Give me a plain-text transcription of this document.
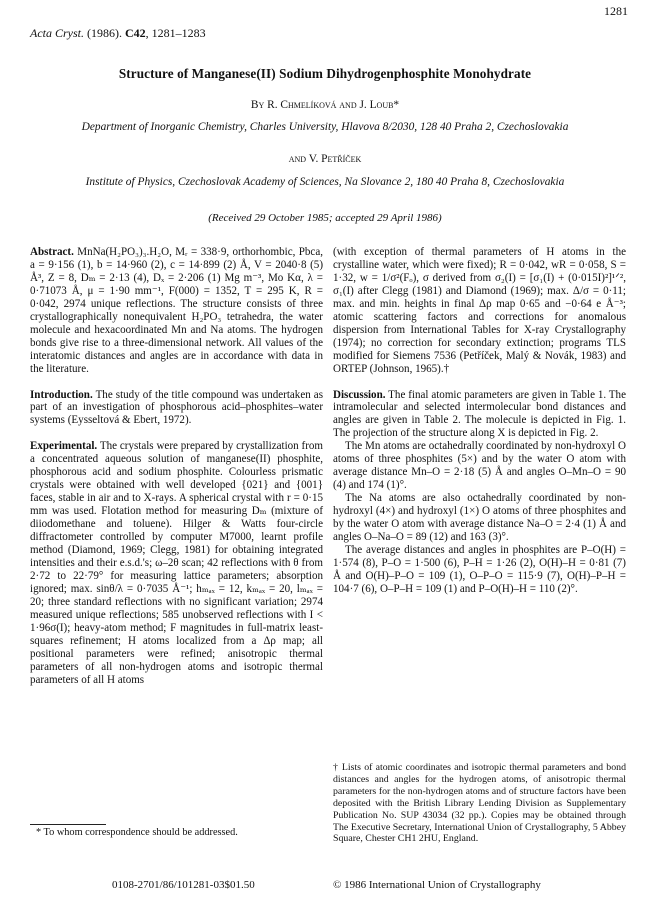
1281
Acta Cryst. (1986). C42, 1281–1283
Structure of Manganese(II) Sodium Dihydrogenphosphite Monohydrate
By R. Chmelíková and J. Loub*
Department of Inorganic Chemistry, Charles University, Hlavova 8/2030, 128 40 Praha 2, Czechoslovakia
and V. Petříček
Institute of Physics, Czechoslovak Academy of Sciences, Na Slovance 2, 180 40 Praha 8, Czechoslovakia
(Received 29 October 1985; accepted 29 April 1986)

Abstract. MnNa(H₂PO₃)₃.H₂O, Mᵣ = 338·9, orthorhombic, Pbca, a = 9·156 (1), b = 14·960 (2), c = 14·899 (2) Å, V = 2040·8 (5) Å³, Z = 8, Dₘ = 2·13 (4), Dₓ = 2·206 (1) Mg m⁻³, Mo Kα, λ = 0·71073 Å, μ = 1·90 mm⁻¹, F(000) = 1352, T = 295 K, R = 0·042, 2974 unique reflections. The structure consists of three crystallographically nonequivalent H₂PO₃ tetrahedra, the water molecule and hexacoordinated Mn and Na atoms. The hydrogen bonds give rise to a three-dimensional network. All values of the interatomic distances and angles are in accordance with data in the literature.

Introduction. The study of the title compound was undertaken as part of an investigation of phosphorous acid–phosphites–water systems (Eysseltová & Ebert, 1972).

Experimental. The crystals were prepared by crystallization from a concentrated aqueous solution of manganese(II) phosphite, phosphorous acid and sodium phosphite. Colourless prismatic crystals were obtained with well developed {021} and {001} faces, stable in air and to X-rays. A spherical crystal with r = 0·15 mm was used. Flotation method for measuring Dₘ (mixture of diiodomethane and toluene). Hilger & Watts four-circle diffractometer controlled by computer M7000, learnt profile method (Diamond, 1969; Clegg, 1981) for obtaining integrated intensities and their e.s.d.'s; ω–2θ scan; 42 reflections with θ from 2·72 to 22·79° for measuring lattice parameters; absorption ignored; max. sinθ/λ = 0·7035 Å⁻¹; hₘₐₓ = 12, kₘₐₓ = 20, lₘₐₓ = 20; three standard reflections with no significant variation; 2974 measured unique reflections; 585 unobserved reflections with I < 1·96σ(I); heavy-atom method; F magnitudes in full-matrix least-squares refinement; H atoms localized from a Δρ map; all positional parameters were refined; anisotropic thermal parameters of all non-hydrogen atoms and isotropic thermal parameters of all H atoms

(with exception of thermal parameters of H atoms in the crystalline water, which were fixed); R = 0·042, wR = 0·058, S = 1·32, w = 1/σ²(Fₒ), σ derived from σ₂(I) = [σ₁(I) + (0·015I)²]¹ᐟ², σ₁(I) after Clegg (1981) and Diamond (1969); max. Δ/σ = 0·11; max. and min. heights in final Δρ map 0·65 and −0·64 e Å⁻³; atomic scattering factors and corrections for anomalous dispersion from International Tables for X-ray Crystallography (1974); no correction for secondary extinction; programs TLS modified for Siemens 7536 (Petříček, Malý & Novák, 1983) and ORTEP (Johnson, 1965).†

Discussion. The final atomic parameters are given in Table 1. The intramolecular and selected intermolecular bond distances and angles are given in Table 2. The molecule is depicted in Fig. 1. The projection of the structure along X is depicted in Fig. 2.

The Mn atoms are octahedrally coordinated by non-hydroxyl O atoms of three phosphites (5×) and by the water O atom with average distance Mn–O = 2·18 (5) Å and angles O–Mn–O = 90 (4) and 174 (1)°.

The Na atoms are also octahedrally coordinated by non-hydroxyl (4×) and hydroxyl (1×) O atoms of three phosphites and by the water O atom with average distance Na–O = 2·4 (1) Å and angles O–Na–O = 89 (12) and 163 (3)°.

The average distances and angles in phosphites are P–O(H) = 1·574 (8), P–O = 1·500 (6), P–H = 1·26 (2), O(H)–H = 0·81 (7) Å and O(H)–P–O = 109 (1), O–P–O = 115·9 (7), O(H)–P–H = 104·7 (6), O–P–H = 109 (1) and P–O(H)–H = 110 (2)°.

† Lists of atomic coordinates and isotropic thermal parameters and bond distances and angles for the hydrogen atoms, of anisotropic thermal parameters for the non-hydrogen atoms and of structure factors have been deposited with the British Library Lending Division as Supplementary Publication No. SUP 43034 (32 pp.). Copies may be obtained through The Executive Secretary, International Union of Crystallography, 5 Abbey Square, Chester CH1 2HU, England.
* To whom correspondence should be addressed.
0108-2701/86/101281-03$01.50	© 1986 International Union of Crystallography
